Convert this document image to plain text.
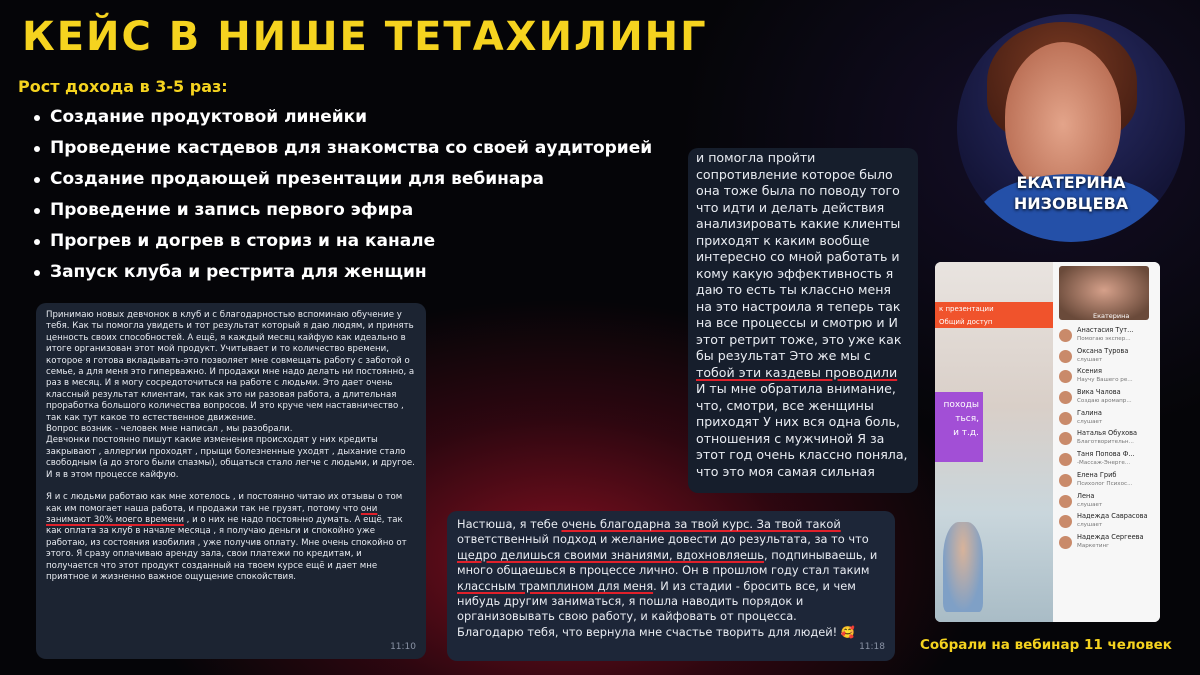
КЕЙС В НИШЕ ТЕТАХИЛИНГ
Рост дохода в 3-5 раз:
Создание продуктовой линейки
Проведение кастдевов для знакомства со своей аудиторией
Создание продающей презентации для вебинара
Проведение и запись первого эфира
Прогрев и догрев в сториз и на канале
Запуск клуба и рестрита для женщин

Принимаю новых девчонок в клуб и с благодарностью вспоминаю обучение у тебя. Как ты помогла увидеть и тот результат который я даю людям, и принять ценность своих способностей. А ещё, я каждый месяц кайфую как идеально в итоге организован этот мой продукт. Учитывает и то количество времени, которое я готова вкладывать-это позволяет мне совмещать работу с заботой о семье, а для меня это гиперважно. И продажи мне надо делать ни постоянно, а раз в месяц. И я могу сосредоточиться на работе с людьми. Это дает очень классный результат клиентам, так как это ни разовая работа, а длительная проработка большого количества вопросов. И это круче чем наставничество , так как тут какое то естественное движение.
Вопрос возник - человек мне написал , мы разобрали.
Девчонки постоянно пишут какие изменения происходят у них кредиты закрывают , аллергии проходят , прыщи болезненные уходят , дыхание стало свободным (а до этого были спазмы), общаться стало легче с людьми, и другое. И я в этом процессе кайфую.

Я и с людьми работаю как мне хотелось , и постоянно читаю их отзывы о том как им помогает наша работа, и продажи так не грузят, потому что они занимают 30% моего времени , и о них не надо постоянно думать. А ещё, так как оплата за клуб в начале месяца , я получаю деньги и спокойно уже работаю, из состояния изобилия , уже получив оплату. Мне очень спокойно от этого. Я сразу оплачиваю аренду зала, свои платежи по кредитам, и получается что этот продукт созданный на твоем курсе ещё и дает мне приятное и жизненно важное ощущение спокойствия.

11:10

и помогла пройти сопротивление которое было она тоже была по поводу того что идти и делать действия анализировать какие клиенты приходят к каким вообще интересно со мной работать и кому какую эффективность я даю то есть ты классно меня на это настроила я теперь так на все процессы и смотрю и И этот ретрит тоже, это уже как бы результат Это же мы с тобой эти каздевы проводили
И ты мне обратила внимание, что, смотри, все женщины приходят У них вся одна боль, отношения с мужчиной Я за этот год очень классно поняла, что это моя самая сильная

Настюша, я тебе очень благодарна за твой курс. За твой такой ответственный подход и желание довести до результата, за то что щедро делишься своими знаниями, вдохновляешь, подпинываешь, и много общаешься в процессе лично. Он в прошлом году стал таким классным трамплином для меня. И из стадии - бросить все, и чем нибудь другим заниматься, я пошла наводить порядок и организовывать свою работу, и кайфовать от процесса.
Благодарю тебя, что вернула мне счастье творить для людей! 🥰

11:18
ЕКАТЕРИНА
НИЗОВЦЕВА
к презентации
Общий доступ
походы
ться,
и т.д.
Екатерина
Анастасия Тут...
Помогаю экспер...
Оксана Турова
слушает
Ксения
Научу Вашего ре...
Вика Чалова
Создаю аромапр...
Галина
слушает
Наталья Обухова
Благотворительн...
Таня Попова Ф...
-Массаж-Энерге...
Елена Гриб
Психолог Психос...
Лена
слушает
Надежда Саврасова
слушает
Надежда Сергеева
Маркетинг
Собрали на вебинар 11 человек
